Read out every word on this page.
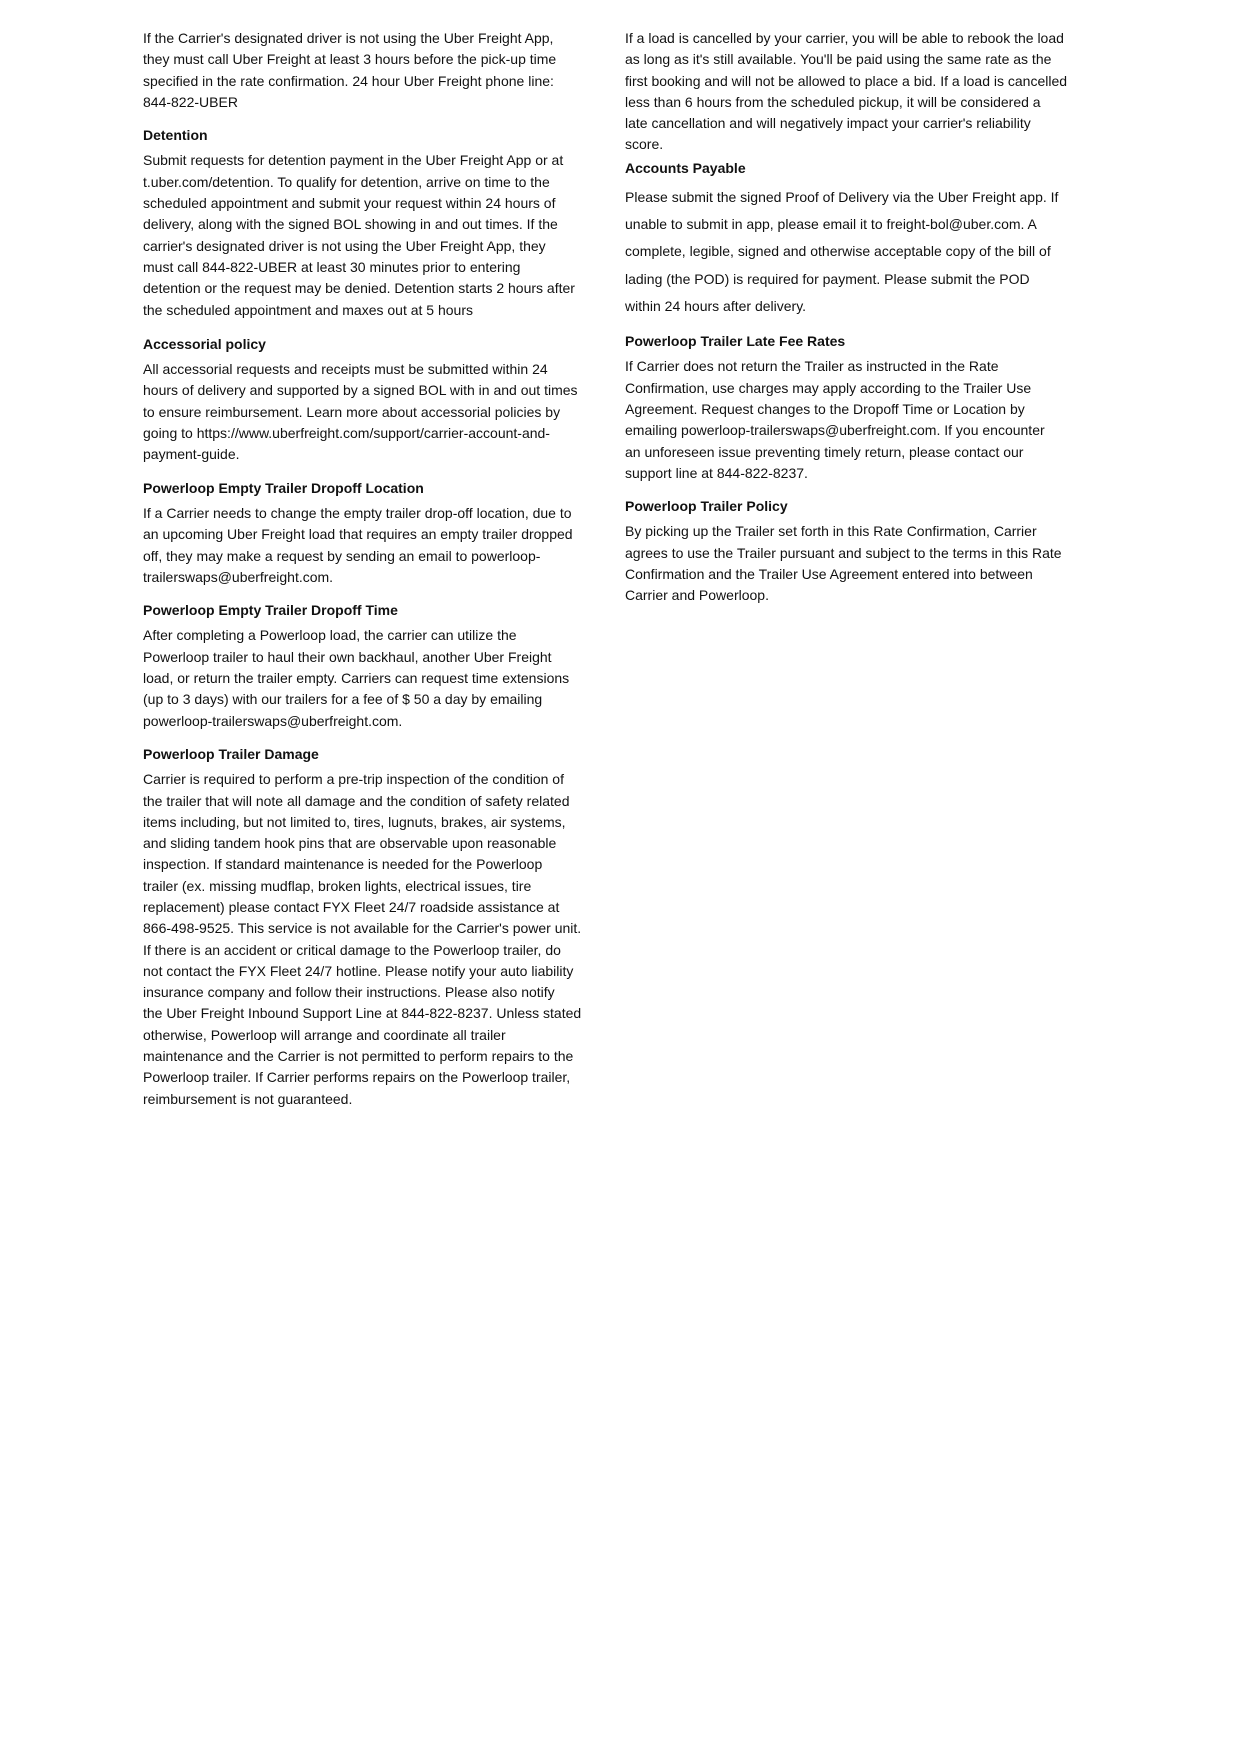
If the Carrier's designated driver is not using the Uber Freight App,
they must call Uber Freight at least 3 hours before the pick-up time
specified in the rate confirmation. 24 hour Uber Freight phone line:
844-822-UBER

Detention

Submit requests for detention payment in the Uber Freight App or at
t.uber.com/detention. To qualify for detention, arrive on time to the
scheduled appointment and submit your request within 24 hours of
delivery, along with the signed BOL showing in and out times. If the
carrier's designated driver is not using the Uber Freight App, they
must call 844-822-UBER at least 30 minutes prior to entering
detention or the request may be denied. Detention starts 2 hours after
the scheduled appointment and maxes out at 5 hours

Accessorial policy

All accessorial requests and receipts must be submitted within 24
hours of delivery and supported by a signed BOL with in and out times
to ensure reimbursement. Learn more about accessorial policies by
going to https://www.uberfreight.com/support/carrier-account-and-
payment-guide.

Powerloop Empty Trailer Dropoff Location

If a Carrier needs to change the empty trailer drop-off location, due to
an upcoming Uber Freight load that requires an empty trailer dropped
off, they may make a request by sending an email to powerloop-
trailerswaps@uberfreight.com.

Powerloop Empty Trailer Dropoff Time

After completing a Powerloop load, the carrier can utilize the
Powerloop trailer to haul their own backhaul, another Uber Freight
load, or return the trailer empty. Carriers can request time extensions
(up to 3 days) with our trailers for a fee of $ 50 a day by emailing
powerloop-trailerswaps@uberfreight.com.

Powerloop Trailer Damage

Carrier is required to perform a pre-trip inspection of the condition of
the trailer that will note all damage and the condition of safety related
items including, but not limited to, tires, lugnuts, brakes, air systems,
and sliding tandem hook pins that are observable upon reasonable
inspection. If standard maintenance is needed for the Powerloop
trailer (ex. missing mudflap, broken lights, electrical issues, tire
replacement) please contact FYX Fleet 24/7 roadside assistance at
866-498-9525. This service is not available for the Carrier's power unit.
If there is an accident or critical damage to the Powerloop trailer, do
not contact the FYX Fleet 24/7 hotline. Please notify your auto liability
insurance company and follow their instructions. Please also notify
the Uber Freight Inbound Support Line at 844-822-8237. Unless stated
otherwise, Powerloop will arrange and coordinate all trailer
maintenance and the Carrier is not permitted to perform repairs to the
Powerloop trailer. If Carrier performs repairs on the Powerloop trailer,
reimbursement is not guaranteed.

If a load is cancelled by your carrier, you will be able to rebook the load
as long as it's still available. You'll be paid using the same rate as the
first booking and will not be allowed to place a bid. If a load is cancelled
less than 6 hours from the scheduled pickup, it will be considered a
late cancellation and will negatively impact your carrier's reliability
score.

Accounts Payable

Please submit the signed Proof of Delivery via the Uber Freight app. If
unable to submit in app, please email it to freight-bol@uber.com. A
complete, legible, signed and otherwise acceptable copy of the bill of
lading (the POD) is required for payment. Please submit the POD
within 24 hours after delivery.

Powerloop Trailer Late Fee Rates

If Carrier does not return the Trailer as instructed in the Rate
Confirmation, use charges may apply according to the Trailer Use
Agreement. Request changes to the Dropoff Time or Location by
emailing powerloop-trailerswaps@uberfreight.com. If you encounter
an unforeseen issue preventing timely return, please contact our
support line at 844-822-8237.

Powerloop Trailer Policy

By picking up the Trailer set forth in this Rate Confirmation, Carrier
agrees to use the Trailer pursuant and subject to the terms in this Rate
Confirmation and the Trailer Use Agreement entered into between
Carrier and Powerloop.
